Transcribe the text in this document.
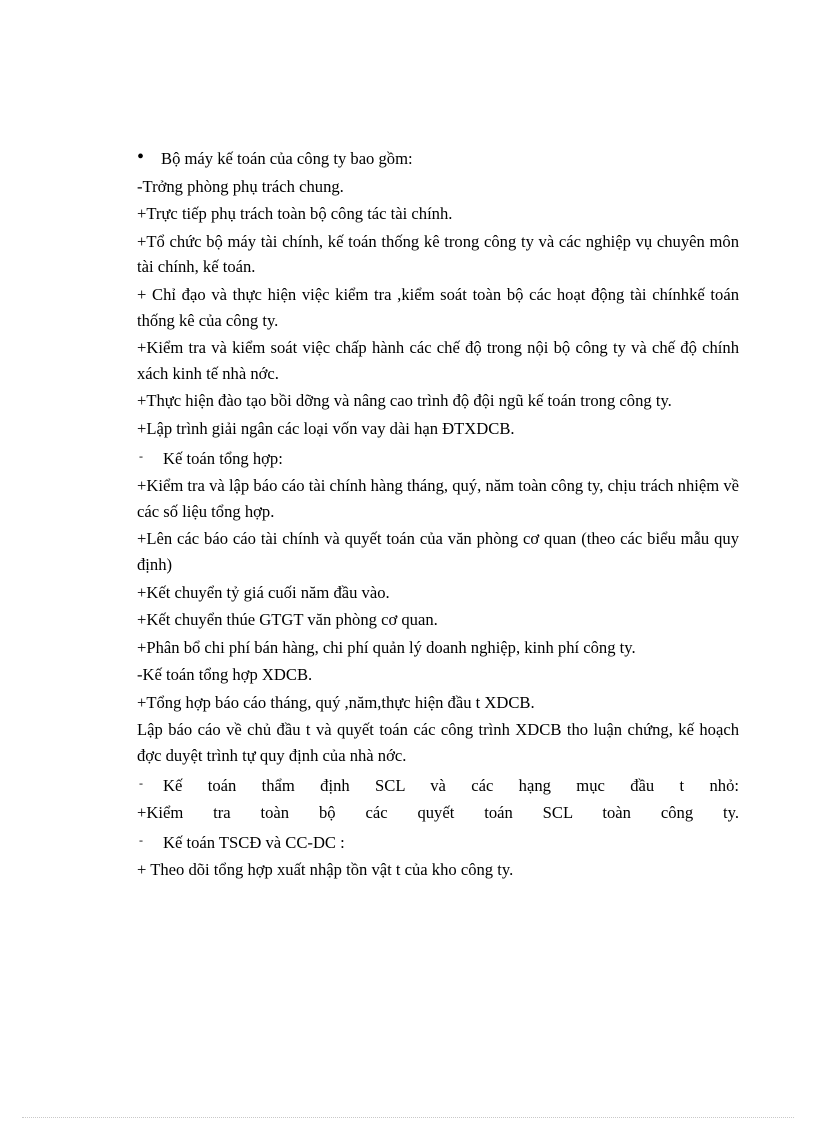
•	Bộ máy kế toán của công ty bao gồm:

-Trởng phòng phụ trách chung.

+Trực tiếp phụ trách toàn bộ công tác tài chính.

+Tổ chức bộ máy tài chính, kế toán thống kê trong công ty và các nghiệp vụ chuyên môn tài chính, kế toán.

+ Chỉ đạo và thực hiện việc kiểm tra ,kiểm soát toàn bộ các hoạt động tài chínhkế toán thống kê của công ty.

+Kiểm tra và kiểm soát việc chấp hành các chế độ trong nội bộ công ty và chế độ chính xách kinh tế nhà nớc.

+Thực hiện đào tạo bồi dỡng và nâng cao trình độ đội ngũ kế toán trong công ty.

+Lập trình giải ngân các loại vốn vay dài hạn ĐTXDCB.

-	Kế toán tổng hợp:

+Kiểm tra và lập báo cáo tài chính hàng tháng, quý, năm toàn công ty, chịu trách nhiệm về các số liệu tổng hợp.

+Lên các báo cáo tài chính và quyết toán của văn phòng cơ quan (theo các biểu mẫu quy định)

+Kết chuyển tỷ giá cuối năm đầu vào.

+Kết chuyển thúe GTGT văn phòng cơ quan.

+Phân bổ chi phí bán hàng, chi phí quản lý doanh nghiệp, kinh phí công ty.

-Kế toán tổng hợp XDCB.

+Tổng hợp báo cáo tháng, quý ,năm,thực hiện đầu t XDCB.

Lập báo cáo về chủ đầu t và quyết toán các công trình XDCB tho luận chứng, kế hoạch đợc duyệt trình tự quy định của nhà nớc.

-	Kế toán thẩm định SCL và các hạng mục đầu t nhỏ:

+Kiểm tra toàn bộ các quyết toán SCL toàn công ty.

-	Kế toán TSCĐ và CC-DC :

+ Theo dõi tổng hợp xuất nhập tồn vật t của kho công ty.
